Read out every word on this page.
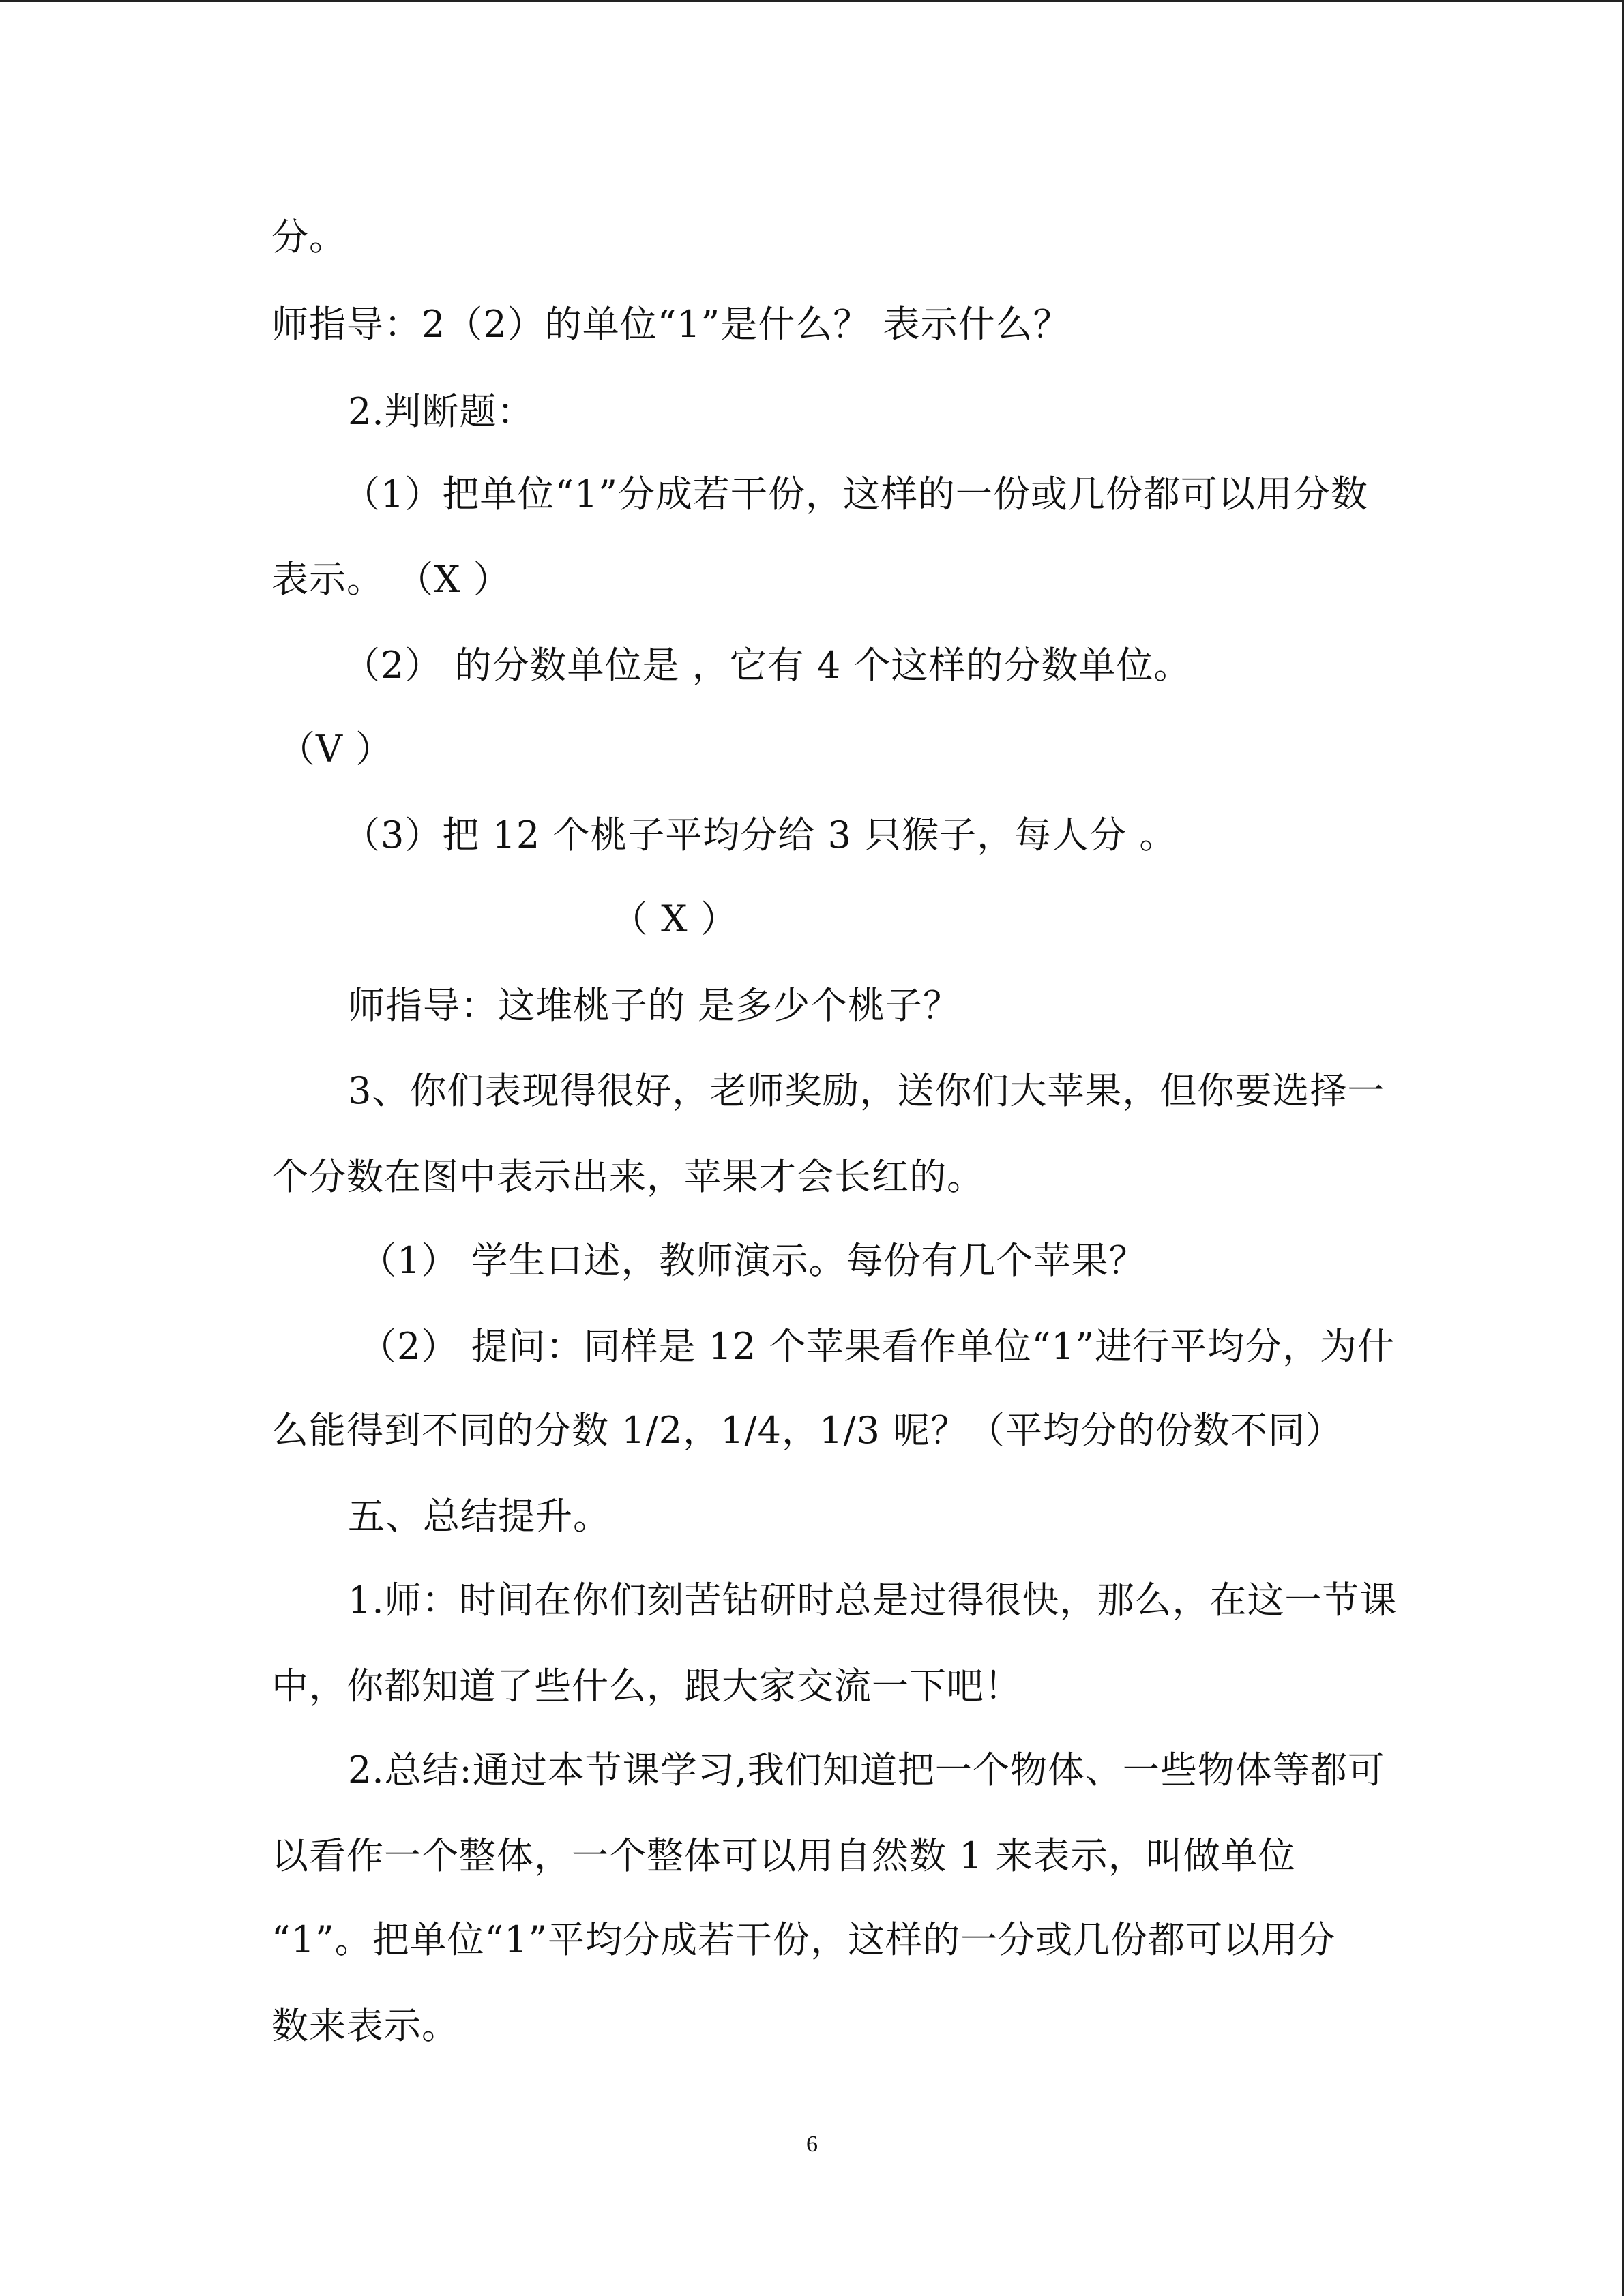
分。
师指导：2（2）的单位“1”是什么？ 表示什么？
2.判断题：
（1）把单位“1”分成若干份，这样的一份或几份都可以用分数
表示。 （X ）
（2） 的分数单位是 ，它有 4 个这样的分数单位。
（V ）
（3）把 12 个桃子平均分给 3 只猴子，每人分 。
（ X ）
师指导：这堆桃子的 是多少个桃子？
3、你们表现得很好，老师奖励，送你们大苹果，但你要选择一
个分数在图中表示出来，苹果才会长红的。
（1） 学生口述，教师演示。每份有几个苹果？
（2） 提问：同样是 12 个苹果看作单位“1”进行平均分，为什
么能得到不同的分数 1/2，1/4，1/3 呢？（平均分的份数不同）
五、总结提升。
1.师：时间在你们刻苦钻研时总是过得很快，那么，在这一节课
中，你都知道了些什么，跟大家交流一下吧！
2.总结:通过本节课学习,我们知道把一个物体、一些物体等都可
以看作一个整体，一个整体可以用自然数 1 来表示，叫做单位
“1”。把单位“1”平均分成若干份，这样的一分或几份都可以用分
数来表示。
6
